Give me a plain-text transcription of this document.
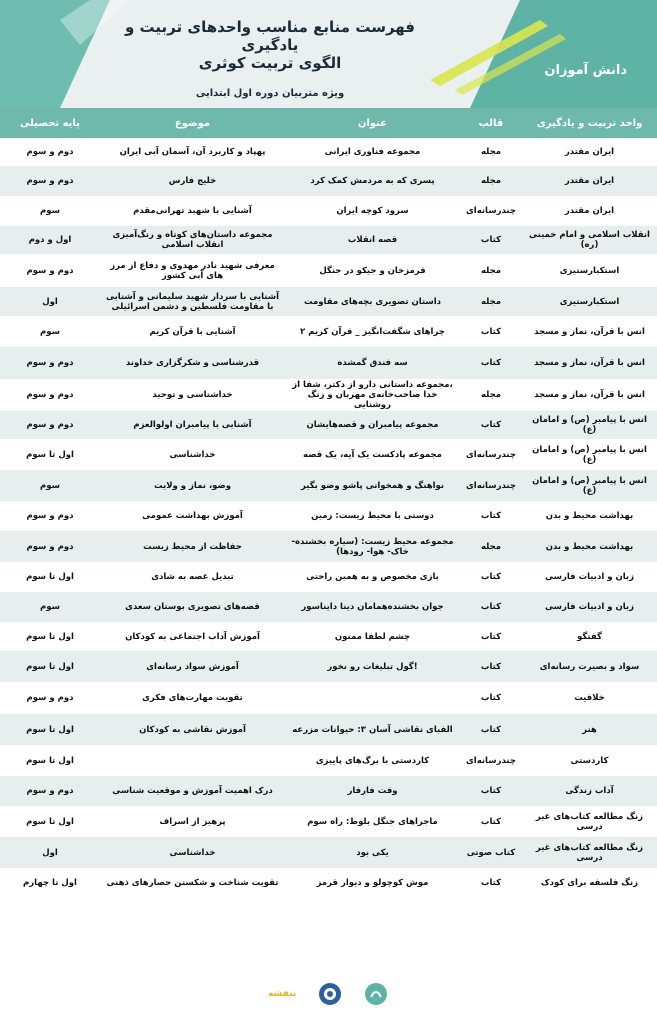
دانش آموزان
فهرست منابع مناسب واحدهای تربیت و یادگیری
الگوی تربیت کوثری
ویژه متربیان دوره اول ابتدایی
واحد تربیت و یادگیری	قالب	عنوان	موضوع	پایه تحصیلی
ایران مقتدر	مجله	مجموعه فناوری ایرانی	پهپاد و کاربرد آن، آسمان آبی ایران	دوم و سوم
ایران مقتدر	مجله	پسری که به مردمش کمک کرد	خلیج فارس	دوم و سوم
ایران مقتدر	چندرسانه‌ای	سرود کوچه ایران	آشنایی با شهید تهرانی‌مقدم	سوم
انقلاب اسلامی و امام خمینی (ره)	کتاب	قصه انقلاب	مجموعه داستان‌های کوتاه و رنگ‌آمیزی انقلاب اسلامی	اول و دوم
استکبارستیزی	مجله	قرمزخان و جیکو در جنگل	معرفی شهید نادر مهدوی و دفاع از مرز های آبی کشور	دوم و سوم
استکبارستیزی	مجله	داستان تصویری بچه‌های مقاومت	آشنایی با سردار شهید سلیمانی و آشنایی با مقاومت فلسطین و دشمن اسرائیلی	اول
انس با قرآن، نماز و مسجد	کتاب	چراهای شگفت‌انگیز _ قرآن کریم ۲	آشنایی با قرآن کریم	سوم
انس با قرآن، نماز و مسجد	کتاب	سه فندق گمشده	قدرشناسی و شکرگزاری خداوند	دوم و سوم
انس با قرآن، نماز و مسجد	مجله	،مجموعه داستانی دارو از دکتر، شفا از خدا صاحب‌خانه‌ی مهربان و زنگ روشنایی	خداشناسی و توحید	دوم و سوم
انس با پیامبر (ص) و امامان (ع)	کتاب	مجموعه پیامبران و قصه‌هایشان	آشنایی با پیامبران اولوالعزم	دوم و سوم
انس با پیامبر (ص) و امامان (ع)	چندرسانه‌ای	مجموعه پادکست یک آیه، یک قصه	خداشناسی	اول تا سوم
انس با پیامبر (ص) و امامان (ع)	چندرسانه‌ای	نواهنگ و همخوانی پاشو وضو بگیر	وضو، نماز و ولایت	سوم
بهداشت محیط و بدن	کتاب	دوستی با محیط زیست: زمین	آموزش بهداشت عمومی	دوم و سوم
بهداشت محیط و بدن	مجله	مجموعه محیط زیست: (سیاره بخشنده- خاک- هوا- رودها)	حفاظت از محیط زیست	دوم و سوم
زبان و ادبیات فارسی	کتاب	بازی مخصوص و به همین راحتی	تبدیل غصه به شادی	اول تا سوم
زبان و ادبیات فارسی	کتاب	جوان بخشنده‌همامان دینا داینا‌سور	قصه‌های تصویری بوستان سعدی	سوم
گفتگو	کتاب	چشم لطفا ممنون	آموزش آداب اجتماعی به کودکان	اول تا سوم
سواد و بصیرت رسانه‌ای	کتاب	!گول تبلیغات رو نخور	آموزش سواد رسانه‌ای	اول تا سوم
خلاقیت	کتاب		تقویت مهارت‌های فکری	دوم و سوم
هنر	کتاب	الفبای نقاشی آسان ۳: حیوانات مزرعه	آموزش نقاشی به کودکان	اول تا سوم
کاردستی	چندرسانه‌ای	کاردستی با برگ‌های پاییزی		اول تا سوم
آداب زندگی	کتاب	وقت فارفار	درک اهمیت آموزش و موقعیت شناسی	دوم و سوم
زنگ مطالعه کتاب‌های غیر درسی	کتاب	ماجراهای جنگل بلوط: راه سوم	پرهیز از اسراف	اول تا سوم
زنگ مطالعه کتاب‌های غیر درسی	کتاب صوتی	یکی بود	خداشناسی	اول
زنگ فلسفه برای کودک	کتاب	موش کوچولو و دیوار قرمز	تقویت شناخت و شکستن حصارهای ذهنی	اول تا چهارم
بنفشه
